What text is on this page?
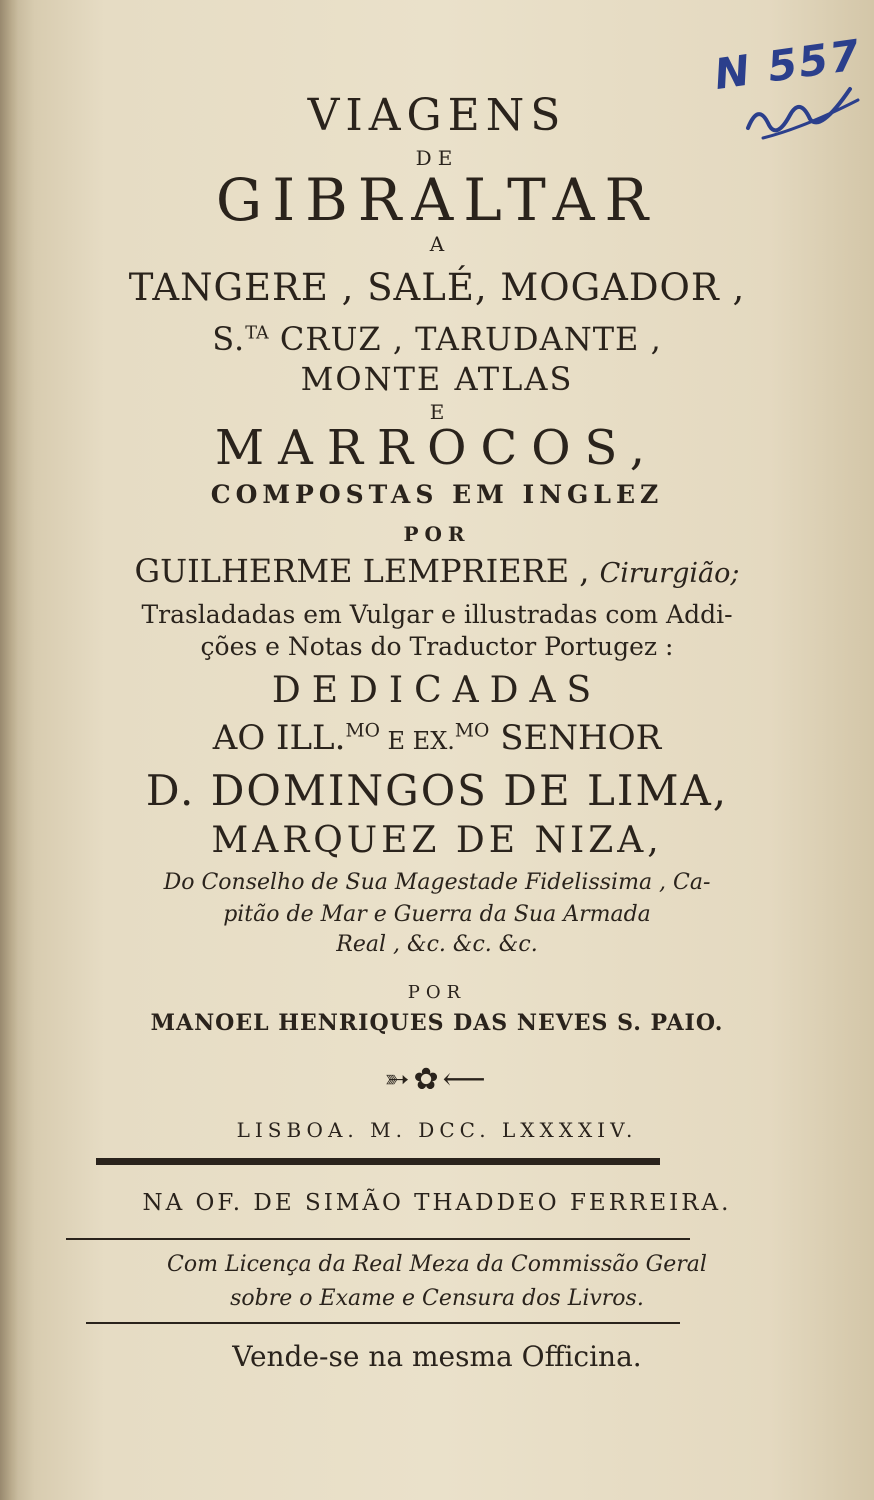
N 557
VIAGENS
DE
GIBRALTAR
A
TANGERE , SALÉ, MOGADOR ,
S.$^{TA}$ CRUZ , TARUDANTE ,
MONTE ATLAS
E
MARROCOS,
COMPOSTAS EM INGLEZ
POR
GUILHERME LEMPRIERE , Cirurgião;
Trasladadas em Vulgar e illustradas com Addi-
ções e Notas do Traductor Portugez :
DEDICADAS
AO ILL.$^{MO}$ E EX.$^{MO}$ SENHOR
D. DOMINGOS DE LIMA,
MARQUEZ DE NIZA,
Do Conselho de Sua Magestade Fidelissima , Ca-
pitão de Mar e Guerra da Sua Armada
Real , &c. &c. &c.
POR
MANOEL HENRIQUES DAS NEVES S. PAIO.
➳✿⟵
LISBOA. M. DCC. LXXXXIV.
NA OF. DE SIMÃO THADDEO FERREIRA.
Com Licença da Real Meza da Commissão Geral
sobre o Exame e Censura dos Livros.
Vende-se na mesma Officina.
